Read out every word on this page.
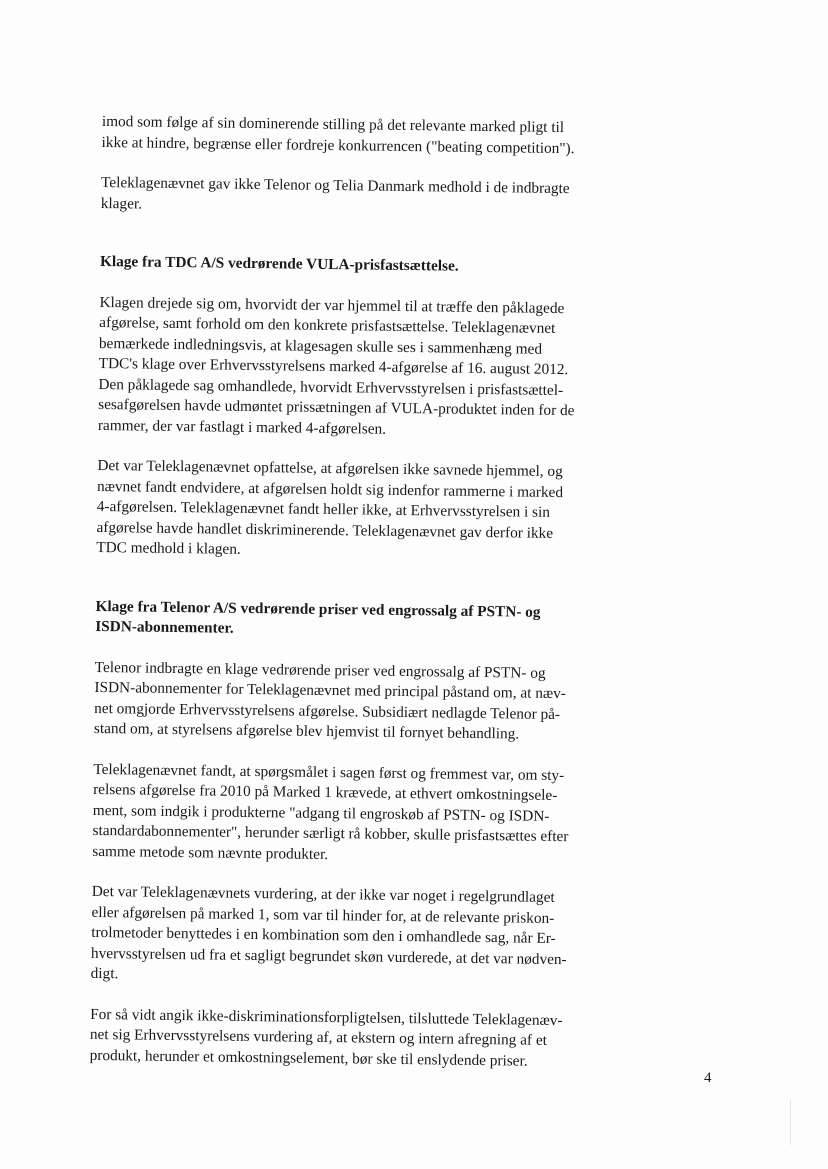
imod som følge af sin dominerende stilling på det relevante marked pligt til
ikke at hindre, begrænse eller fordreje konkurrencen ("beating competition").

Teleklagenævnet gav ikke Telenor og Telia Danmark medhold i de indbragte
klager.

Klage fra TDC A/S vedrørende VULA-prisfastsættelse.

Klagen drejede sig om, hvorvidt der var hjemmel til at træffe den påklagede
afgørelse, samt forhold om den konkrete prisfastsættelse. Teleklagenævnet
bemærkede indledningsvis, at klagesagen skulle ses i sammenhæng med
TDC's klage over Erhvervsstyrelsens marked 4-afgørelse af 16. august 2012.
Den påklagede sag omhandlede, hvorvidt Erhvervsstyrelsen i prisfastsættel-
sesafgørelsen havde udmøntet prissætningen af VULA-produktet inden for de
rammer, der var fastlagt i marked 4-afgørelsen.

Det var Teleklagenævnet opfattelse, at afgørelsen ikke savnede hjemmel, og
nævnet fandt endvidere, at afgørelsen holdt sig indenfor rammerne i marked
4-afgørelsen. Teleklagenævnet fandt heller ikke, at Erhvervsstyrelsen i sin
afgørelse havde handlet diskriminerende. Teleklagenævnet gav derfor ikke
TDC medhold i klagen.

Klage fra Telenor A/S vedrørende priser ved engrossalg af PSTN- og
ISDN-abonnementer.

Telenor indbragte en klage vedrørende priser ved engrossalg af PSTN- og
ISDN-abonnementer for Teleklagenævnet med principal påstand om, at næv-
net omgjorde Erhvervsstyrelsens afgørelse. Subsidiært nedlagde Telenor på-
stand om, at styrelsens afgørelse blev hjemvist til fornyet behandling.

Teleklagenævnet fandt, at spørgsmålet i sagen først og fremmest var, om sty-
relsens afgørelse fra 2010 på Marked 1 krævede, at ethvert omkostningsele-
ment, som indgik i produkterne "adgang til engroskøb af PSTN- og ISDN-
standardabonnementer", herunder særligt rå kobber, skulle prisfastsættes efter
samme metode som nævnte produkter.

Det var Teleklagenævnets vurdering, at der ikke var noget i regelgrundlaget
eller afgørelsen på marked 1, som var til hinder for, at de relevante priskon-
trolmetoder benyttedes i en kombination som den i omhandlede sag, når Er-
hvervsstyrelsen ud fra et sagligt begrundet skøn vurderede, at det var nødven-
digt.

For så vidt angik ikke-diskriminationsforpligtelsen, tilsluttede Teleklagenæv-
net sig Erhvervsstyrelsens vurdering af, at ekstern og intern afregning af et
produkt, herunder et omkostningselement, bør ske til enslydende priser.

4
